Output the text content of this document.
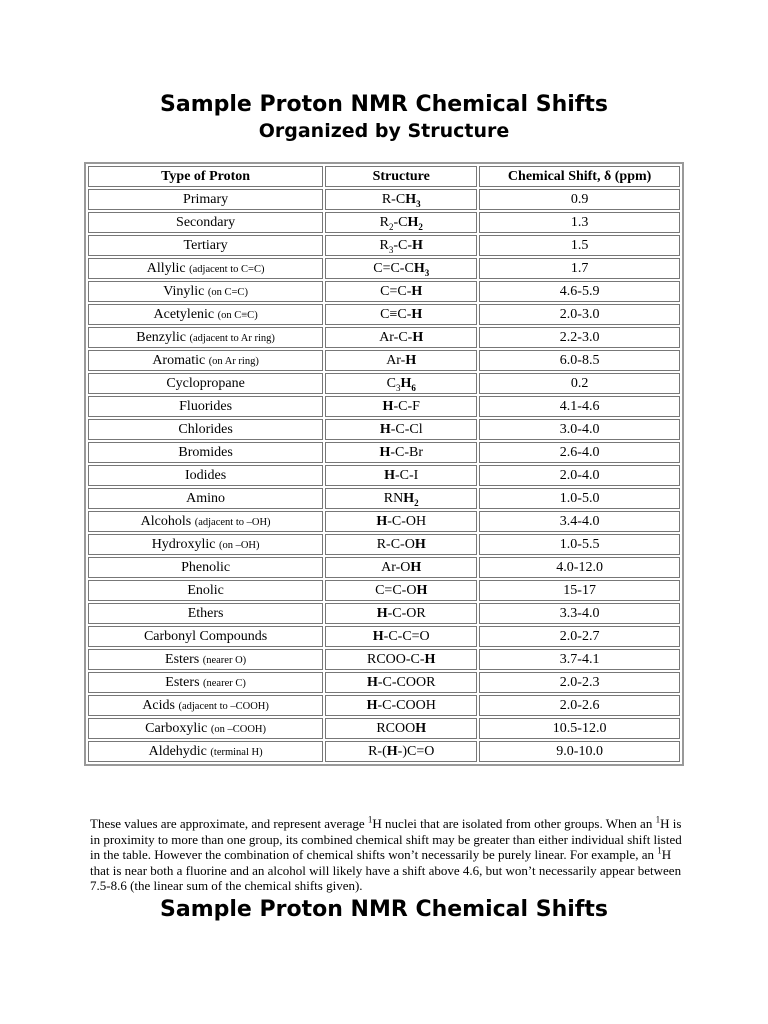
Sample Proton NMR Chemical Shifts
Organized by Structure
Type of Proton	Structure	Chemical Shift, δ (ppm)
Primary	$R-CH_3$	0.9
Secondary	$R_2-CH_2$	1.3
Tertiary	$R_3-C-H$	1.5
Allylic (adjacent to C=C)	$C=C-CH_3$	1.7
Vinylic (on C=C)	C=C-H	4.6-5.9
Acetylenic (on C≡C)	C≡C-H	2.0-3.0
Benzylic (adjacent to Ar ring)	Ar-C-H	2.2-3.0
Aromatic (on Ar ring)	Ar-H	6.0-8.5
Cyclopropane	$C_3H_6$	0.2
Fluorides	H-C-F	4.1-4.6
Chlorides	H-C-Cl	3.0-4.0
Bromides	H-C-Br	2.6-4.0
Iodides	H-C-I	2.0-4.0
Amino	$RNH_2$	1.0-5.0
Alcohols (adjacent to –OH)	H-C-OH	3.4-4.0
Hydroxylic (on –OH)	R-C-OH	1.0-5.5
Phenolic	Ar-OH	4.0-12.0
Enolic	C=C-OH	15-17
Ethers	H-C-OR	3.3-4.0
Carbonyl Compounds	H-C-C=O	2.0-2.7
Esters (nearer O)	RCOO-C-H	3.7-4.1
Esters (nearer C)	H-C-COOR	2.0-2.3
Acids (adjacent to –COOH)	H-C-COOH	2.0-2.6
Carboxylic (on –COOH)	RCOOH	10.5-12.0
Aldehydic (terminal H)	R-(H-)C=O	9.0-10.0

These values are approximate, and represent average $^1$H nuclei that are isolated from other groups. When an $^1$H is in proximity to more than one group, its combined chemical shift may be greater than either individual shift listed in the table. However the combination of chemical shifts won’t necessarily be purely linear. For example, an $^1$H that is near both a fluorine and an alcohol will likely have a shift above 4.6, but won’t necessarily appear between 7.5-8.6 (the linear sum of the chemical shifts given).

Sample Proton NMR Chemical Shifts
